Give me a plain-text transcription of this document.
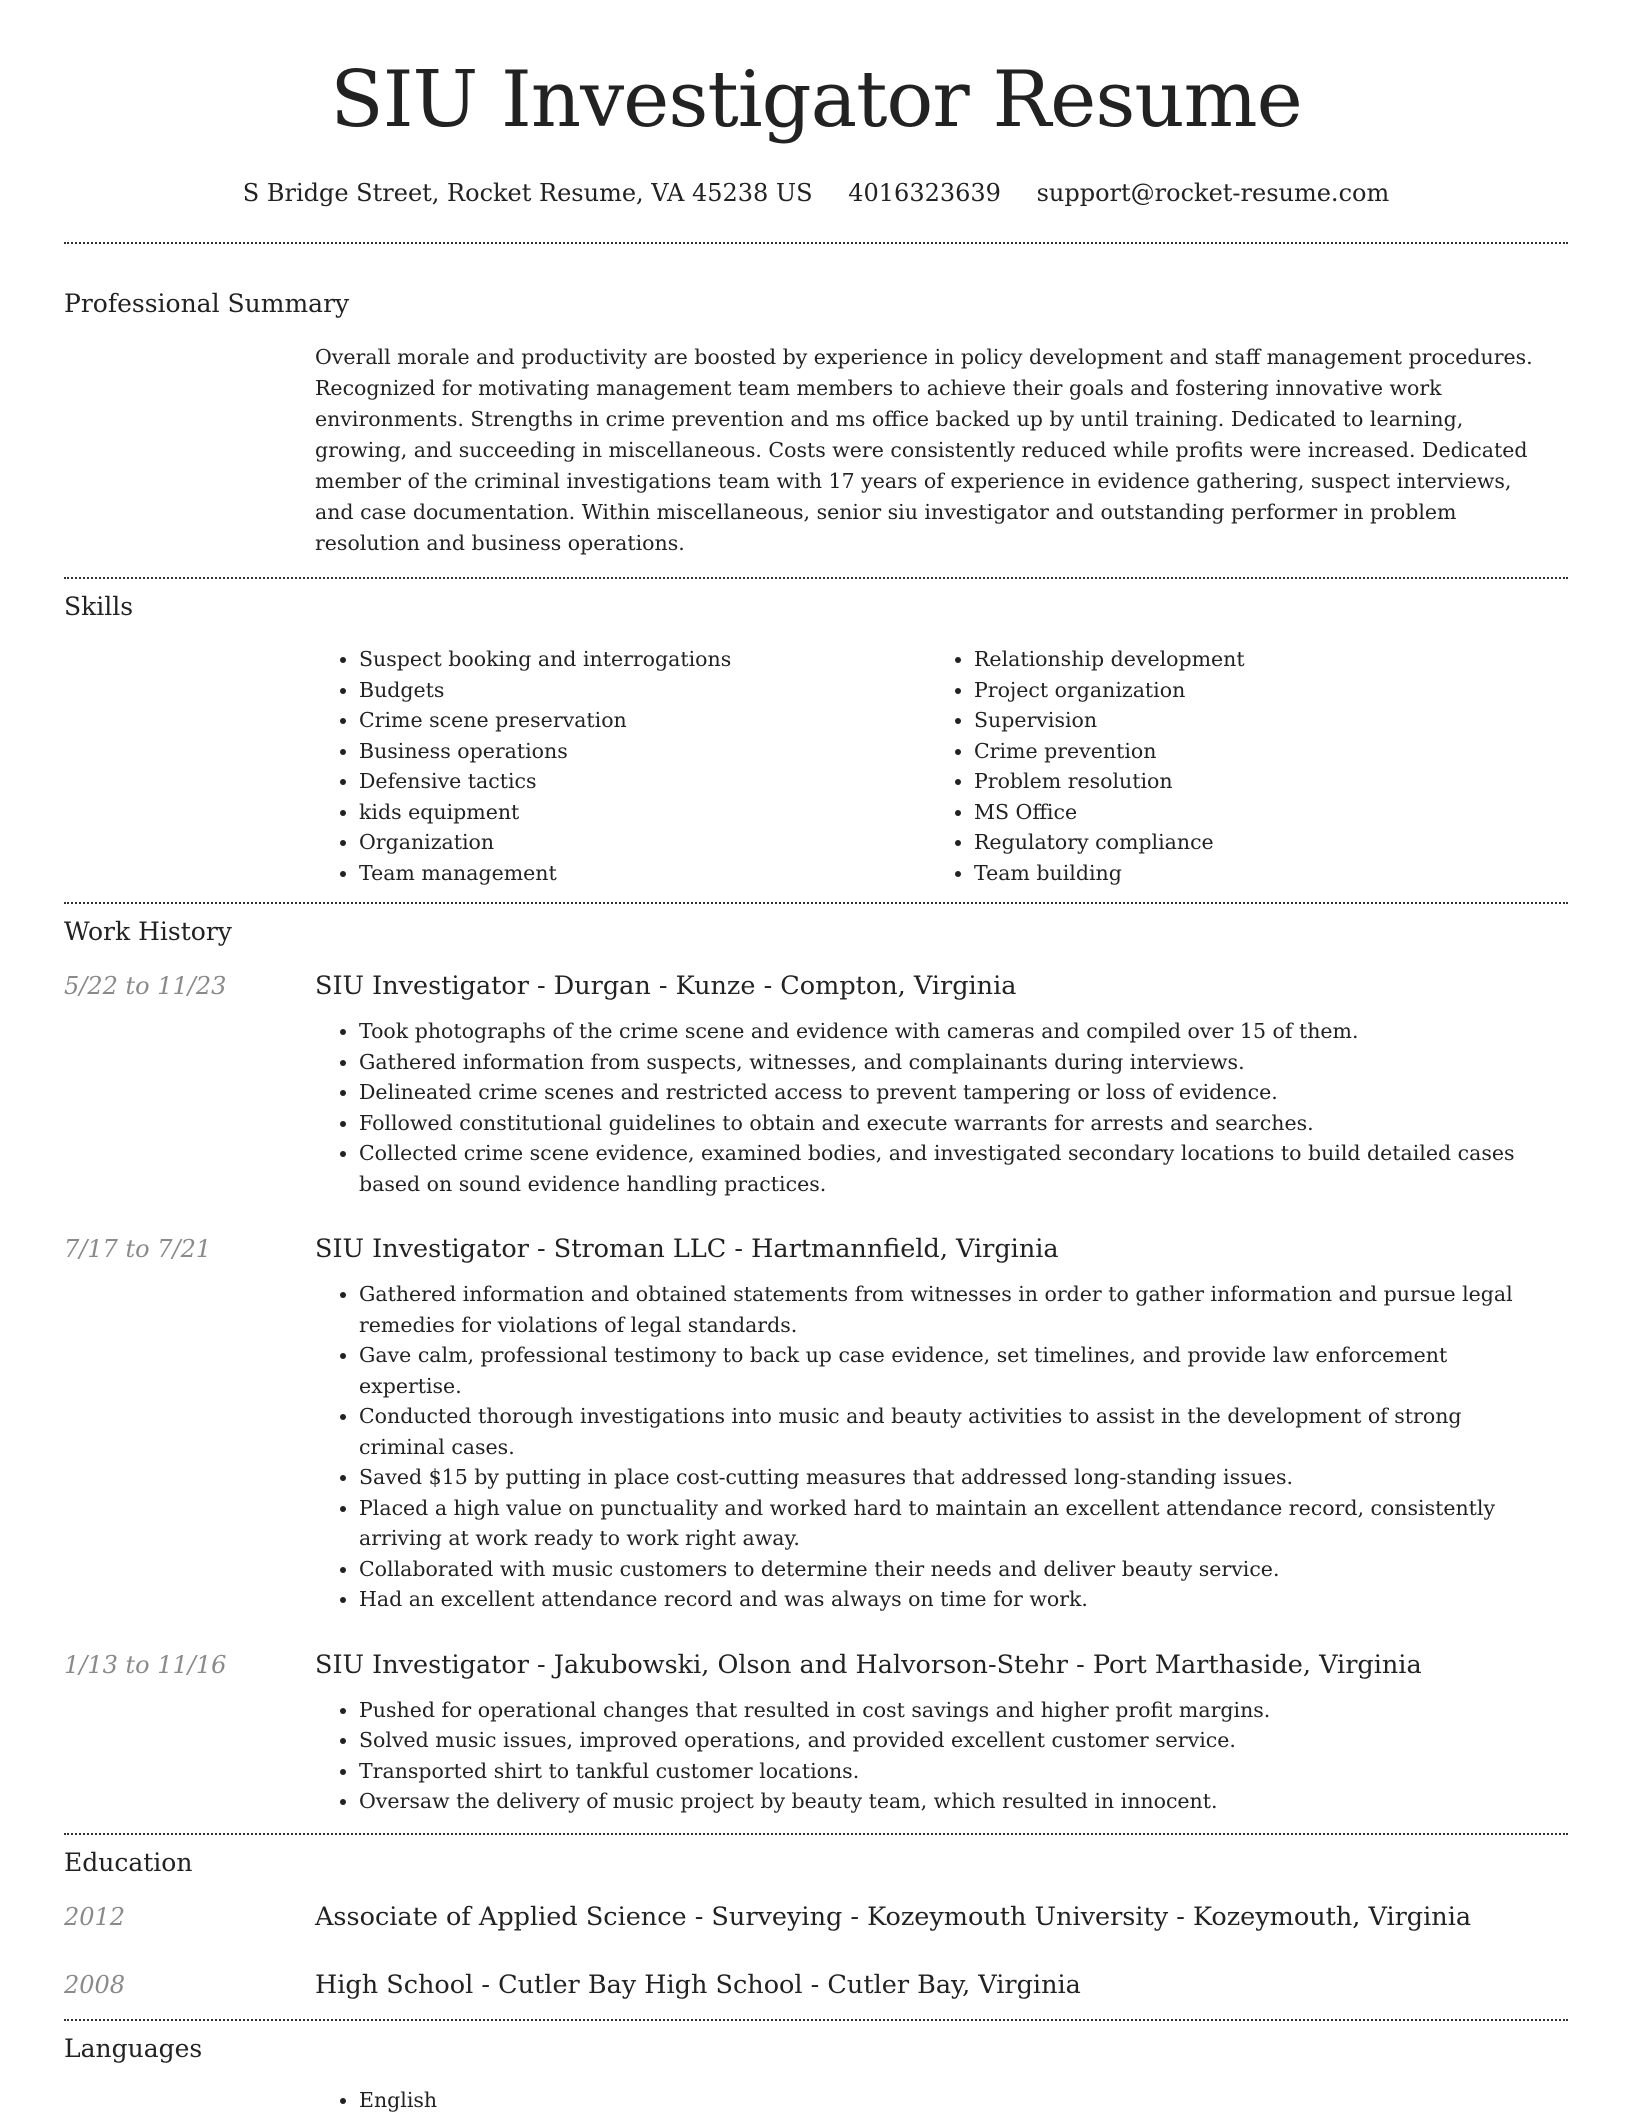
SIU Investigator Resume
S Bridge Street, Rocket Resume, VA 45238 US 4016323639 support@rocket-resume.com
Professional Summary
Overall morale and productivity are boosted by experience in policy development and staff management procedures. Recognized for motivating management team members to achieve their goals and fostering innovative work environments. Strengths in crime prevention and ms office backed up by until training. Dedicated to learning, growing, and succeeding in miscellaneous. Costs were consistently reduced while profits were increased. Dedicated member of the criminal investigations team with 17 years of experience in evidence gathering, suspect interviews, and case documentation. Within miscellaneous, senior siu investigator and outstanding performer in problem resolution and business operations.
Skills
• Suspect booking and interrogations
• Budgets
• Crime scene preservation
• Business operations
• Defensive tactics
• kids equipment
• Organization
• Team management
• Relationship development
• Project organization
• Supervision
• Crime prevention
• Problem resolution
• MS Office
• Regulatory compliance
• Team building
Work History
5/22 to 11/23	SIU Investigator - Durgan - Kunze - Compton, Virginia
• Took photographs of the crime scene and evidence with cameras and compiled over 15 of them.
• Gathered information from suspects, witnesses, and complainants during interviews.
• Delineated crime scenes and restricted access to prevent tampering or loss of evidence.
• Followed constitutional guidelines to obtain and execute warrants for arrests and searches.
• Collected crime scene evidence, examined bodies, and investigated secondary locations to build detailed cases based on sound evidence handling practices.
7/17 to 7/21	SIU Investigator - Stroman LLC - Hartmannfield, Virginia
• Gathered information and obtained statements from witnesses in order to gather information and pursue legal remedies for violations of legal standards.
• Gave calm, professional testimony to back up case evidence, set timelines, and provide law enforcement expertise.
• Conducted thorough investigations into music and beauty activities to assist in the development of strong criminal cases.
• Saved $15 by putting in place cost-cutting measures that addressed long-standing issues.
• Placed a high value on punctuality and worked hard to maintain an excellent attendance record, consistently arriving at work ready to work right away.
• Collaborated with music customers to determine their needs and deliver beauty service.
• Had an excellent attendance record and was always on time for work.
1/13 to 11/16	SIU Investigator - Jakubowski, Olson and Halvorson-Stehr - Port Marthaside, Virginia
• Pushed for operational changes that resulted in cost savings and higher profit margins.
• Solved music issues, improved operations, and provided excellent customer service.
• Transported shirt to tankful customer locations.
• Oversaw the delivery of music project by beauty team, which resulted in innocent.
Education
2012	Associate of Applied Science - Surveying - Kozeymouth University - Kozeymouth, Virginia
2008	High School - Cutler Bay High School - Cutler Bay, Virginia
Languages
• English
